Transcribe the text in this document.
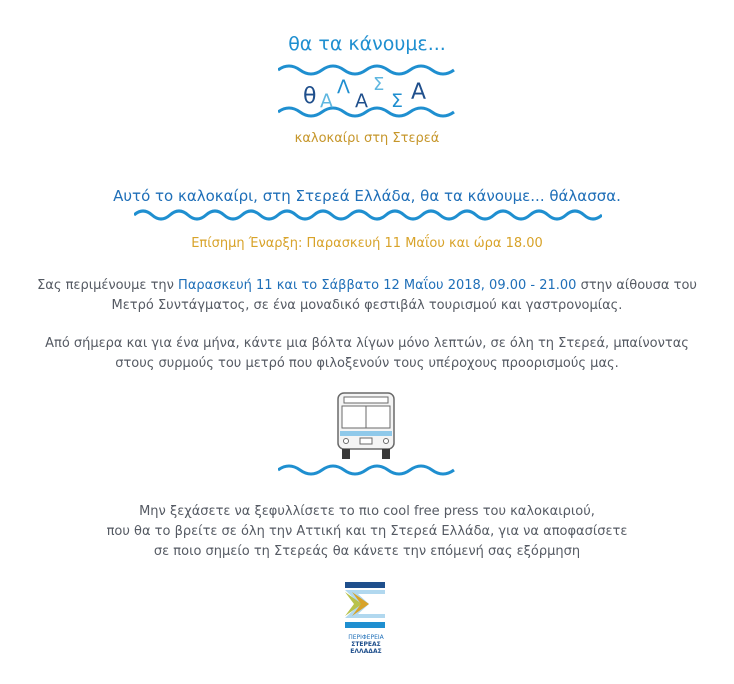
θα τα κάνουμε...
θ Α
Λ
Α
Σ
Σ Α
καλοκαίρι στη Στερεά
Αυτό το καλοκαίρι, στη Στερεά Ελλάδα, θα τα κάνουμε... θάλασσα.
Επίσημη Έναρξη: Παρασκευή 11 Μαΐου και ώρα 18.00
Σας περιμένουμε την Παρασκευή 11 και το Σάββατο 12 Μαΐου 2018, 09.00 - 21.00 στην αίθουσα του
Μετρό Συντάγματος, σε ένα μοναδικό φεστιβάλ τουρισμού και γαστρονομίας.
Από σήμερα και για ένα μήνα, κάντε μια βόλτα λίγων μόνο λεπτών, σε όλη τη Στερεά, μπαίνοντας
στους συρμούς του μετρό που φιλοξενούν τους υπέροχους προορισμούς μας.
Μην ξεχάσετε να ξεφυλλίσετε το πιο cool free press του καλοκαιριού,
που θα το βρείτε σε όλη την Αττική και τη Στερεά Ελλάδα, για να αποφασίσετε
σε ποιο σημείο τη Στερεάς θα κάνετε την επόμενή σας εξόρμηση
ΠΕΡΙΦΕΡΕΙΑ
ΣΤΕΡΕΑΣ
ΕΛΛΑΔΑΣ
